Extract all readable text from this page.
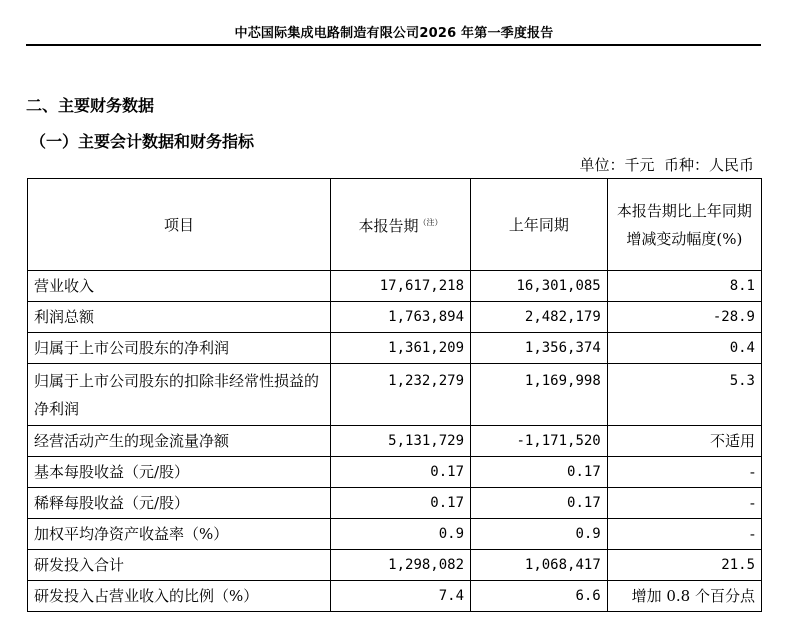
中芯国际集成电路制造有限公司2026 年第一季度报告
二、主要财务数据
（一）主要会计数据和财务指标
单位：千元  币种：人民币
项目	本报告期$^{(注)}$	上年同期	本报告期比上年同期增减变动幅度(%)
营业收入	17,617,218	16,301,085	8.1
利润总额	1,763,894	2,482,179	-28.9
归属于上市公司股东的净利润	1,361,209	1,356,374	0.4
归属于上市公司股东的扣除非经常性损益的净利润	1,232,279	1,169,998	5.3
经营活动产生的现金流量净额	5,131,729	-1,171,520	不适用
基本每股收益（元/股）	0.17	0.17	-
稀释每股收益（元/股）	0.17	0.17	-
加权平均净资产收益率（%）	0.9	0.9	-
研发投入合计	1,298,082	1,068,417	21.5
研发投入占营业收入的比例（%）	7.4	6.6	增加 0.8 个百分点
